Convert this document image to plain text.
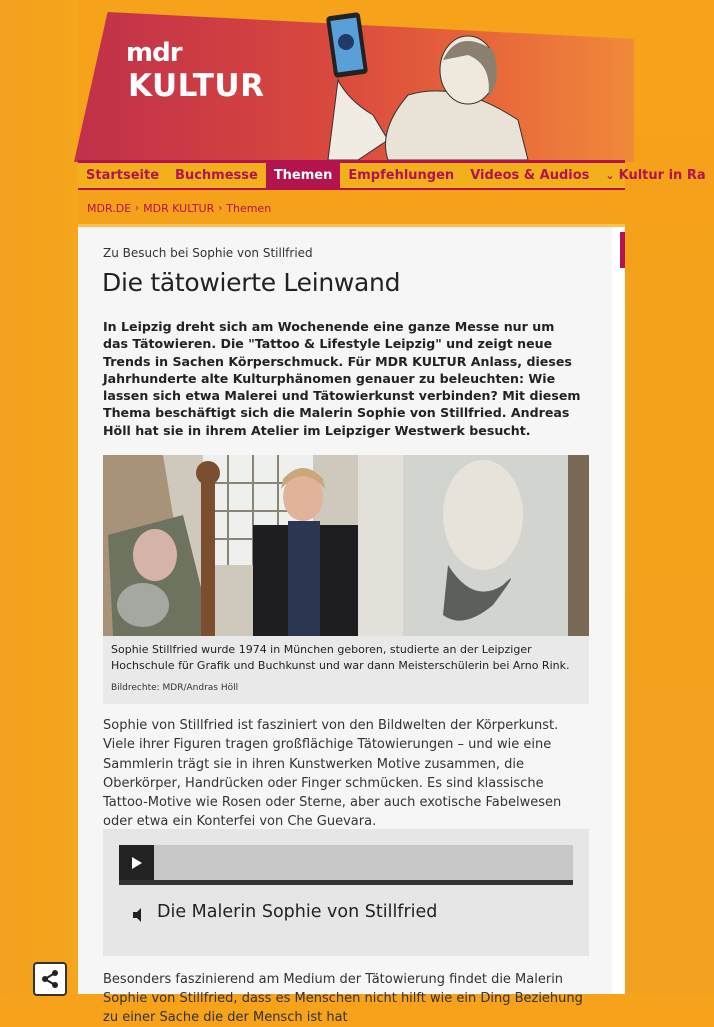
mdr
KULTUR
Startseite	Buchmesse	Themen	Empfehlungen	Videos & Audios	⌄ Kultur in Ra
MDR.DE › MDR KULTUR › Themen
Zu Besuch bei Sophie von Stillfried
Die tätowierte Leinwand

In Leipzig dreht sich am Wochenende eine ganze Messe nur um das Tätowieren. Die "Tattoo & Lifestyle Leipzig" und zeigt neue Trends in Sachen Körperschmuck. Für MDR KULTUR Anlass, dieses Jahrhunderte alte Kulturphänomen genauer zu beleuchten: Wie lassen sich etwa Malerei und Tätowierkunst verbinden? Mit diesem Thema beschäftigt sich die Malerin Sophie von Stillfried. Andreas Höll hat sie in ihrem Atelier im Leipziger Westwerk besucht.

Sophie Stillfried wurde 1974 in München geboren, studierte an der Leipziger Hochschule für Grafik und Buchkunst und war dann Meisterschülerin bei Arno Rink.
Bildrechte: MDR/Andras Höll

Sophie von Stillfried ist fasziniert von den Bildwelten der Körperkunst. Viele ihrer Figuren tragen großflächige Tätowierungen – und wie eine Sammlerin trägt sie in ihren Kunstwerken Motive zusammen, die Oberkörper, Handrücken oder Finger schmücken. Es sind klassische Tattoo-Motive wie Rosen oder Sterne, aber auch exotische Fabelwesen oder etwa ein Konterfei von Che Guevara.

Die Malerin Sophie von Stillfried

Besonders faszinierend am Medium der Tätowierung findet die Malerin Sophie von Stillfried, dass es Menschen nicht hilft wie ein Ding Beziehung zu einer Sache die der Mensch ist hat
